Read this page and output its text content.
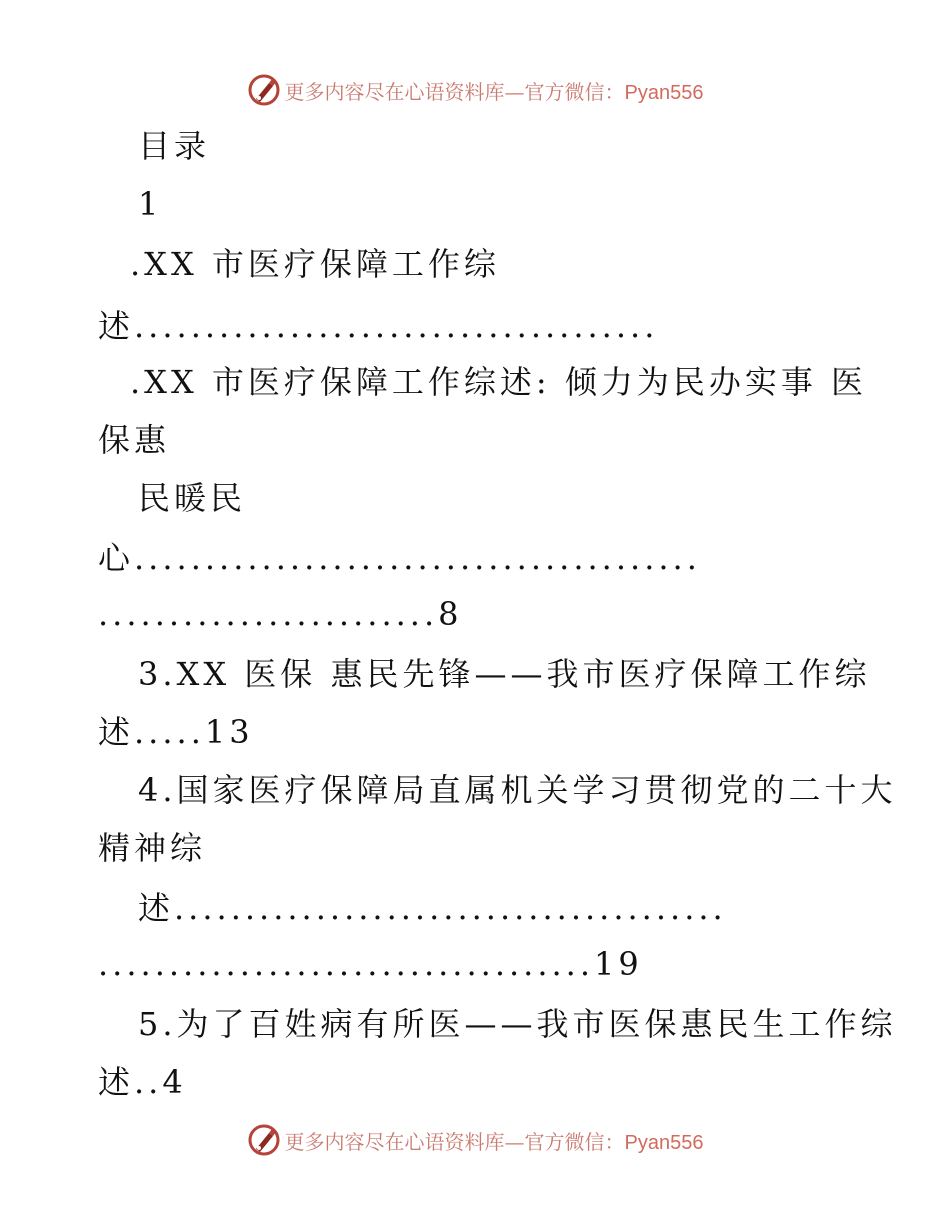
更多内容尽在心语资料库—官方微信：Pyan556
目录
1
.XX 市医疗保障工作综
述.....................................
.XX 市医疗保障工作综述: 倾力为民办实事 医
保惠
民暖民
心........................................
........................8
3.XX 医保 惠民先锋——我市医疗保障工作综
述.....13
4.国家医疗保障局直属机关学习贯彻党的二十大
精神综
述.......................................
...................................19
5.为了百姓病有所医——我市医保惠民生工作综
述..4
更多内容尽在心语资料库—官方微信：Pyan556
